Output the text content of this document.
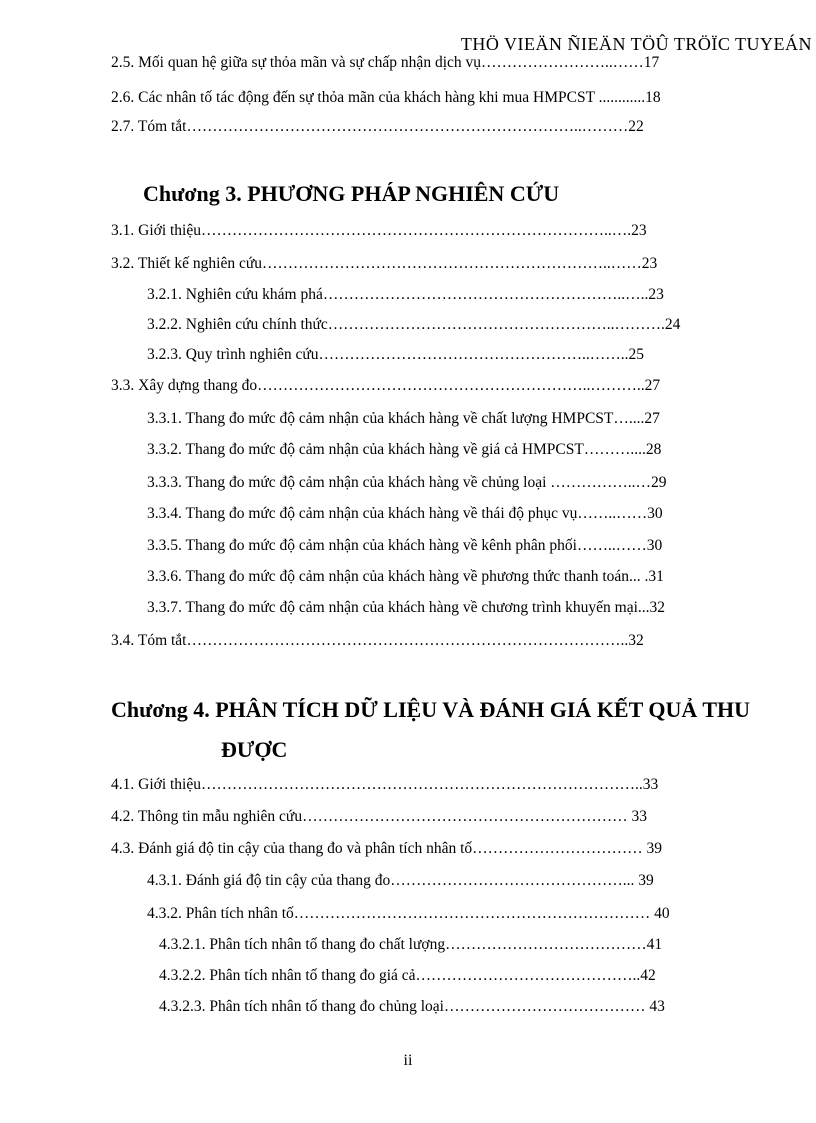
THÖ VIEÄN ÑIEÄN TÖÛ TRÖÏC TUYEÁN
2.5. Mối quan hệ giữa sự thỏa mãn và sự chấp nhận dịch vụ……………………..……17
2.6. Các nhân tố tác động đến sự thỏa mãn của khách hàng khi mua HMPCST ............18
2.7. Tóm tắt…………………………………………………………………..………22
Chương 3. PHƯƠNG PHÁP NGHIÊN CỨU
3.1. Giới thiệu……………………………………………………………………..….23
3.2. Thiết kế nghiên cứu…………………………………………………………..……23
3.2.1. Nghiên cứu khám phá…………………………………………………..…..23
3.2.2. Nghiên cứu chính thức………………………………………………..……….24
3.2.3. Quy trình nghiên cứu……………………………………………..……..25
3.3. Xây dựng thang đo………………………………………………………..………..27
3.3.1. Thang đo mức độ cảm nhận của khách hàng về chất lượng HMPCST…....27
3.3.2. Thang đo mức độ cảm nhận của khách hàng về giá cả HMPCST………....28
3.3.3. Thang đo mức độ cảm nhận của khách hàng về chủng loại ……………..…29
3.3.4. Thang đo mức độ cảm nhận của khách hàng về thái độ phục vụ……..……30
3.3.5. Thang đo mức độ cảm nhận của khách hàng về kênh phân phối……..……30
3.3.6. Thang đo mức độ cảm nhận của khách hàng về phương thức thanh toán... .31
3.3.7. Thang đo mức độ cảm nhận của khách hàng về chương trình khuyến mại...32
3.4. Tóm tắt…………………………………………………………………………..32
Chương 4. PHÂN TÍCH DỮ LIỆU VÀ ĐÁNH GIÁ KẾT QUẢ THU
ĐƯỢC
4.1. Giới thiệu…………………………………………………………………………..33
4.2. Thông tin mẫu nghiên cứu……………………………………………………… 33
4.3. Đánh giá độ tin cậy của thang đo và phân tích nhân tố…………………………… 39
4.3.1. Đánh giá độ tin cậy của thang đo………………………………………... 39
4.3.2. Phân tích nhân tố…………………………………………………………… 40
4.3.2.1. Phân tích nhân tố thang đo chất lượng…………………………………41
4.3.2.2. Phân tích nhân tố thang đo giá cả……………………………………..42
4.3.2.3. Phân tích nhân tố thang đo chủng loại………………………………… 43
ii
